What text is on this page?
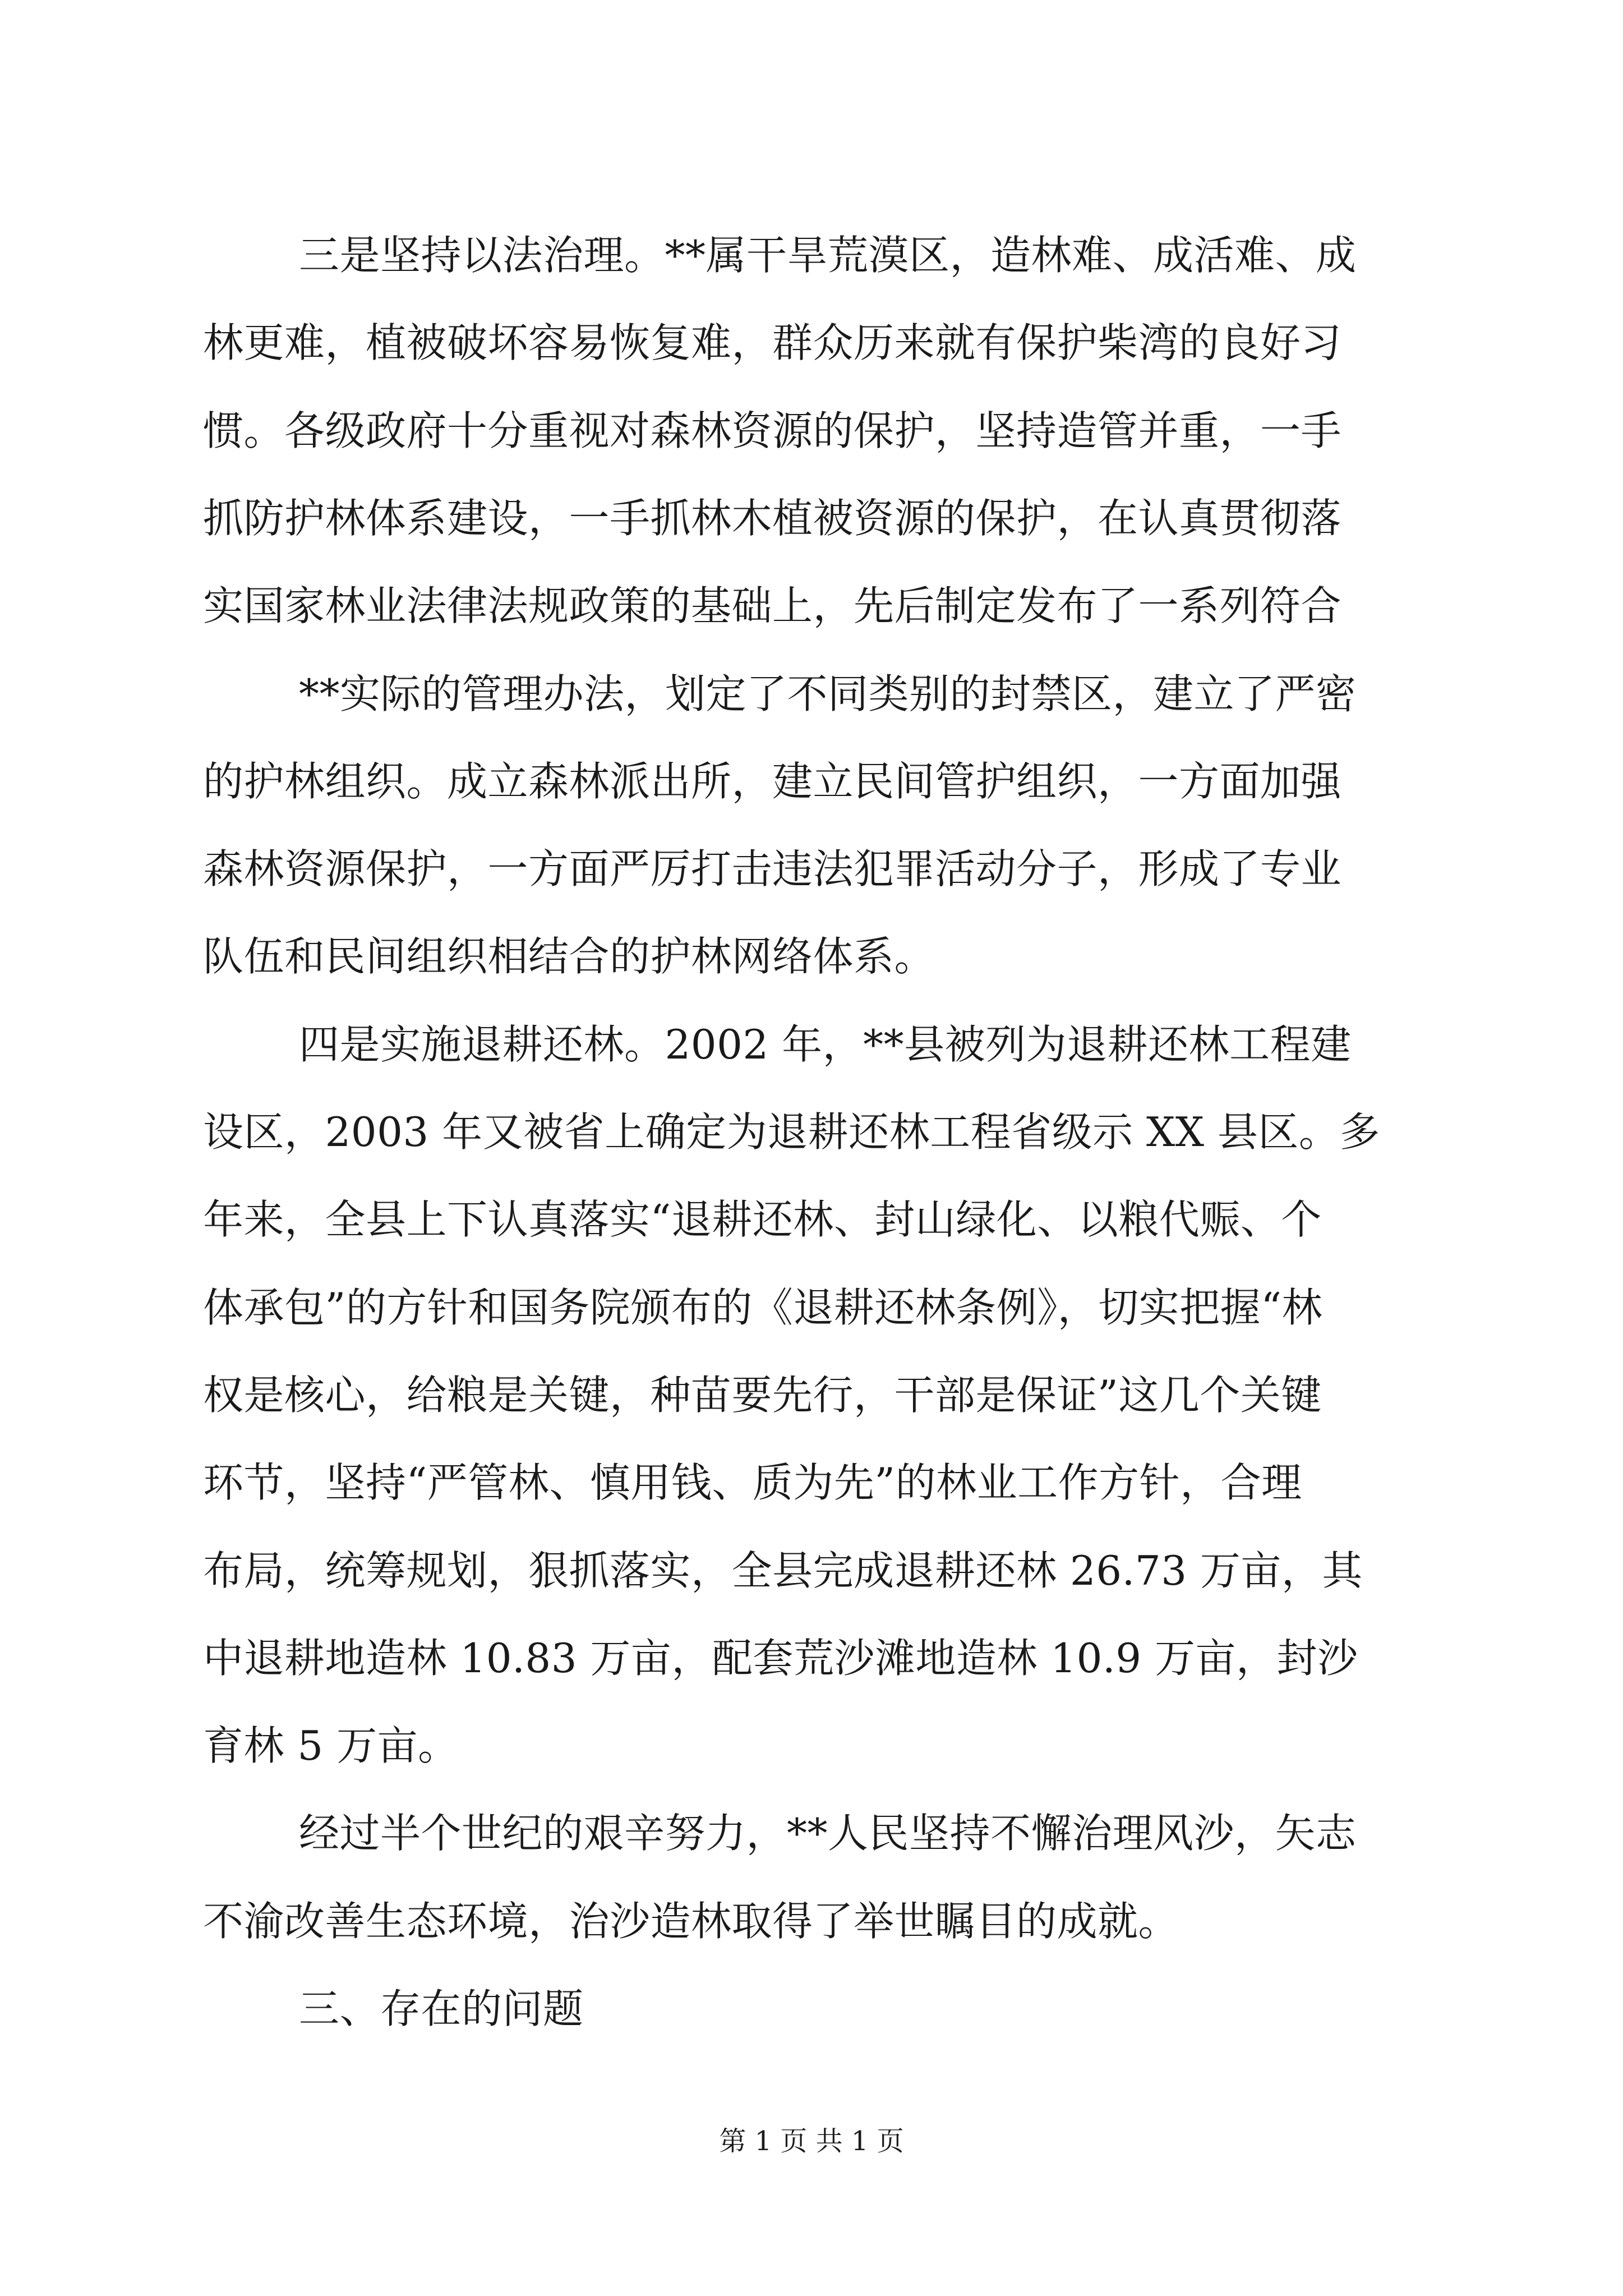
三是坚持以法治理。**属干旱荒漠区，造林难、成活难、成
林更难，植被破坏容易恢复难，群众历来就有保护柴湾的良好习
惯。各级政府十分重视对森林资源的保护，坚持造管并重，一手
抓防护林体系建设，一手抓林木植被资源的保护，在认真贯彻落
实国家林业法律法规政策的基础上，先后制定发布了一系列符合
**实际的管理办法，划定了不同类别的封禁区，建立了严密
的护林组织。成立森林派出所，建立民间管护组织，一方面加强
森林资源保护，一方面严厉打击违法犯罪活动分子，形成了专业
队伍和民间组织相结合的护林网络体系。
四是实施退耕还林。2002 年，**县被列为退耕还林工程建
设区，2003 年又被省上确定为退耕还林工程省级示 XX 县区。多
年来，全县上下认真落实“退耕还林、封山绿化、以粮代赈、个
体承包”的方针和国务院颁布的《退耕还林条例》，切实把握“林
权是核心，给粮是关键，种苗要先行，干部是保证”这几个关键
环节，坚持“严管林、慎用钱、质为先”的林业工作方针，合理
布局，统筹规划，狠抓落实，全县完成退耕还林 26.73 万亩，其
中退耕地造林 10.83 万亩，配套荒沙滩地造林 10.9 万亩，封沙
育林 5 万亩。
经过半个世纪的艰辛努力，**人民坚持不懈治理风沙，矢志
不渝改善生态环境，治沙造林取得了举世瞩目的成就。
三、存在的问题
第 1 页 共 1 页
